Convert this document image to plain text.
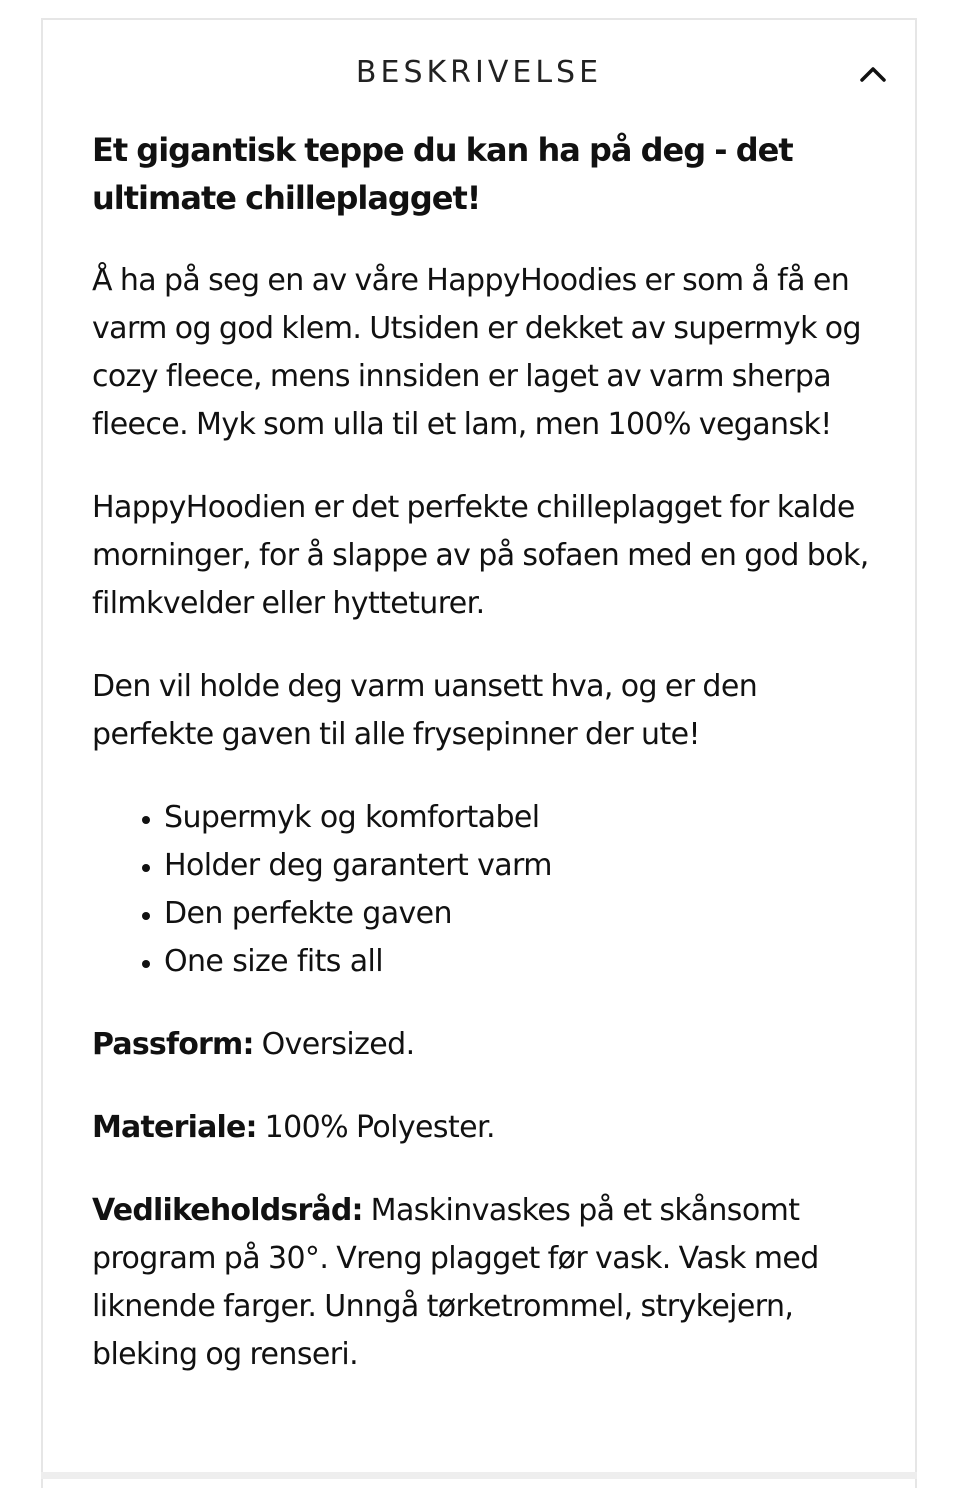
BESKRIVELSE

Et gigantisk teppe du kan ha på deg - det ultimate chilleplagget!

Å ha på seg en av våre HappyHoodies er som å få en varm og god klem. Utsiden er dekket av supermyk og cozy fleece, mens innsiden er laget av varm sherpa fleece. Myk som ulla til et lam, men 100% vegansk!

HappyHoodien er det perfekte chilleplagget for kalde morninger, for å slappe av på sofaen med en god bok, filmkvelder eller hytteturer.

Den vil holde deg varm uansett hva, og er den perfekte gaven til alle frysepinner der ute!

• Supermyk og komfortabel
• Holder deg garantert varm
• Den perfekte gaven
• One size fits all

Passform: Oversized.

Materiale: 100% Polyester.

Vedlikeholdsråd: Maskinvaskes på et skånsomt program på 30°. Vreng plagget før vask. Vask med liknende farger. Unngå tørketrommel, strykejern, bleking og renseri.
